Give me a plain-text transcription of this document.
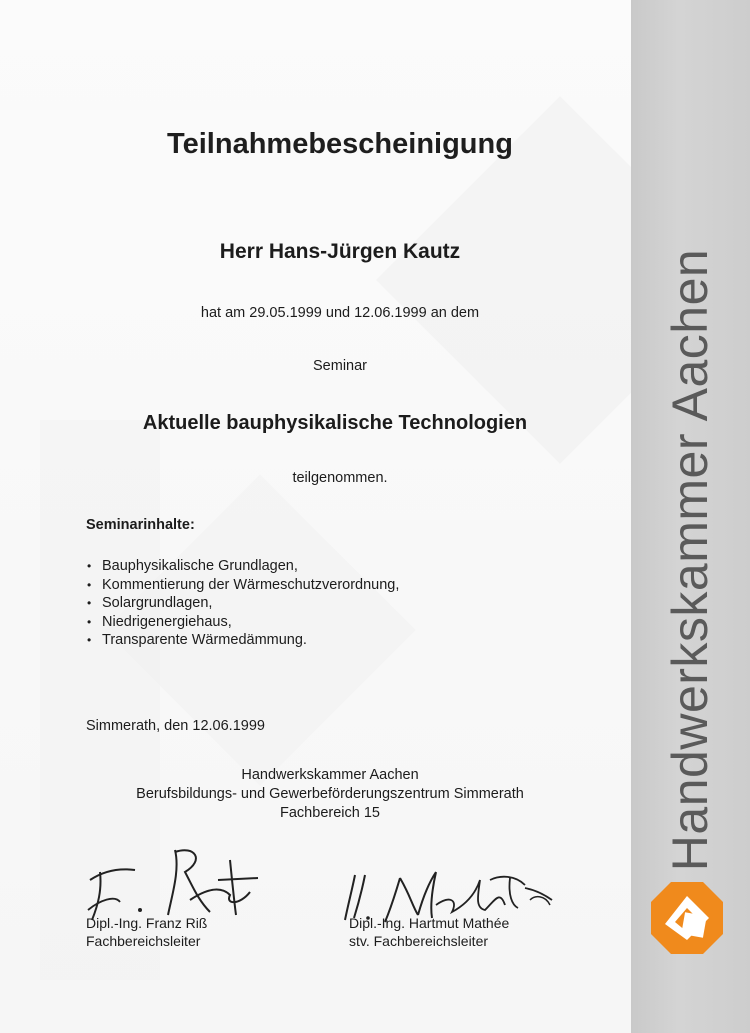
Teilnahmebescheinigung
Herr Hans-Jürgen Kautz
hat am 29.05.1999 und 12.06.1999 an dem
Seminar
Aktuelle bauphysikalische Technologien
teilgenommen.
Seminarinhalte:
• Bauphysikalische Grundlagen,
• Kommentierung der Wärmeschutzverordnung,
• Solargrundlagen,
• Niedrigenergiehaus,
• Transparente Wärmedämmung.
Simmerath, den 12.06.1999
Handwerkskammer Aachen
Berufsbildungs- und Gewerbeförderungszentrum Simmerath
Fachbereich 15
Dipl.-Ing. Franz Riß
Fachbereichsleiter
Dipl.-Ing. Hartmut Mathée
stv. Fachbereichsleiter
Handwerkskammer Aachen
